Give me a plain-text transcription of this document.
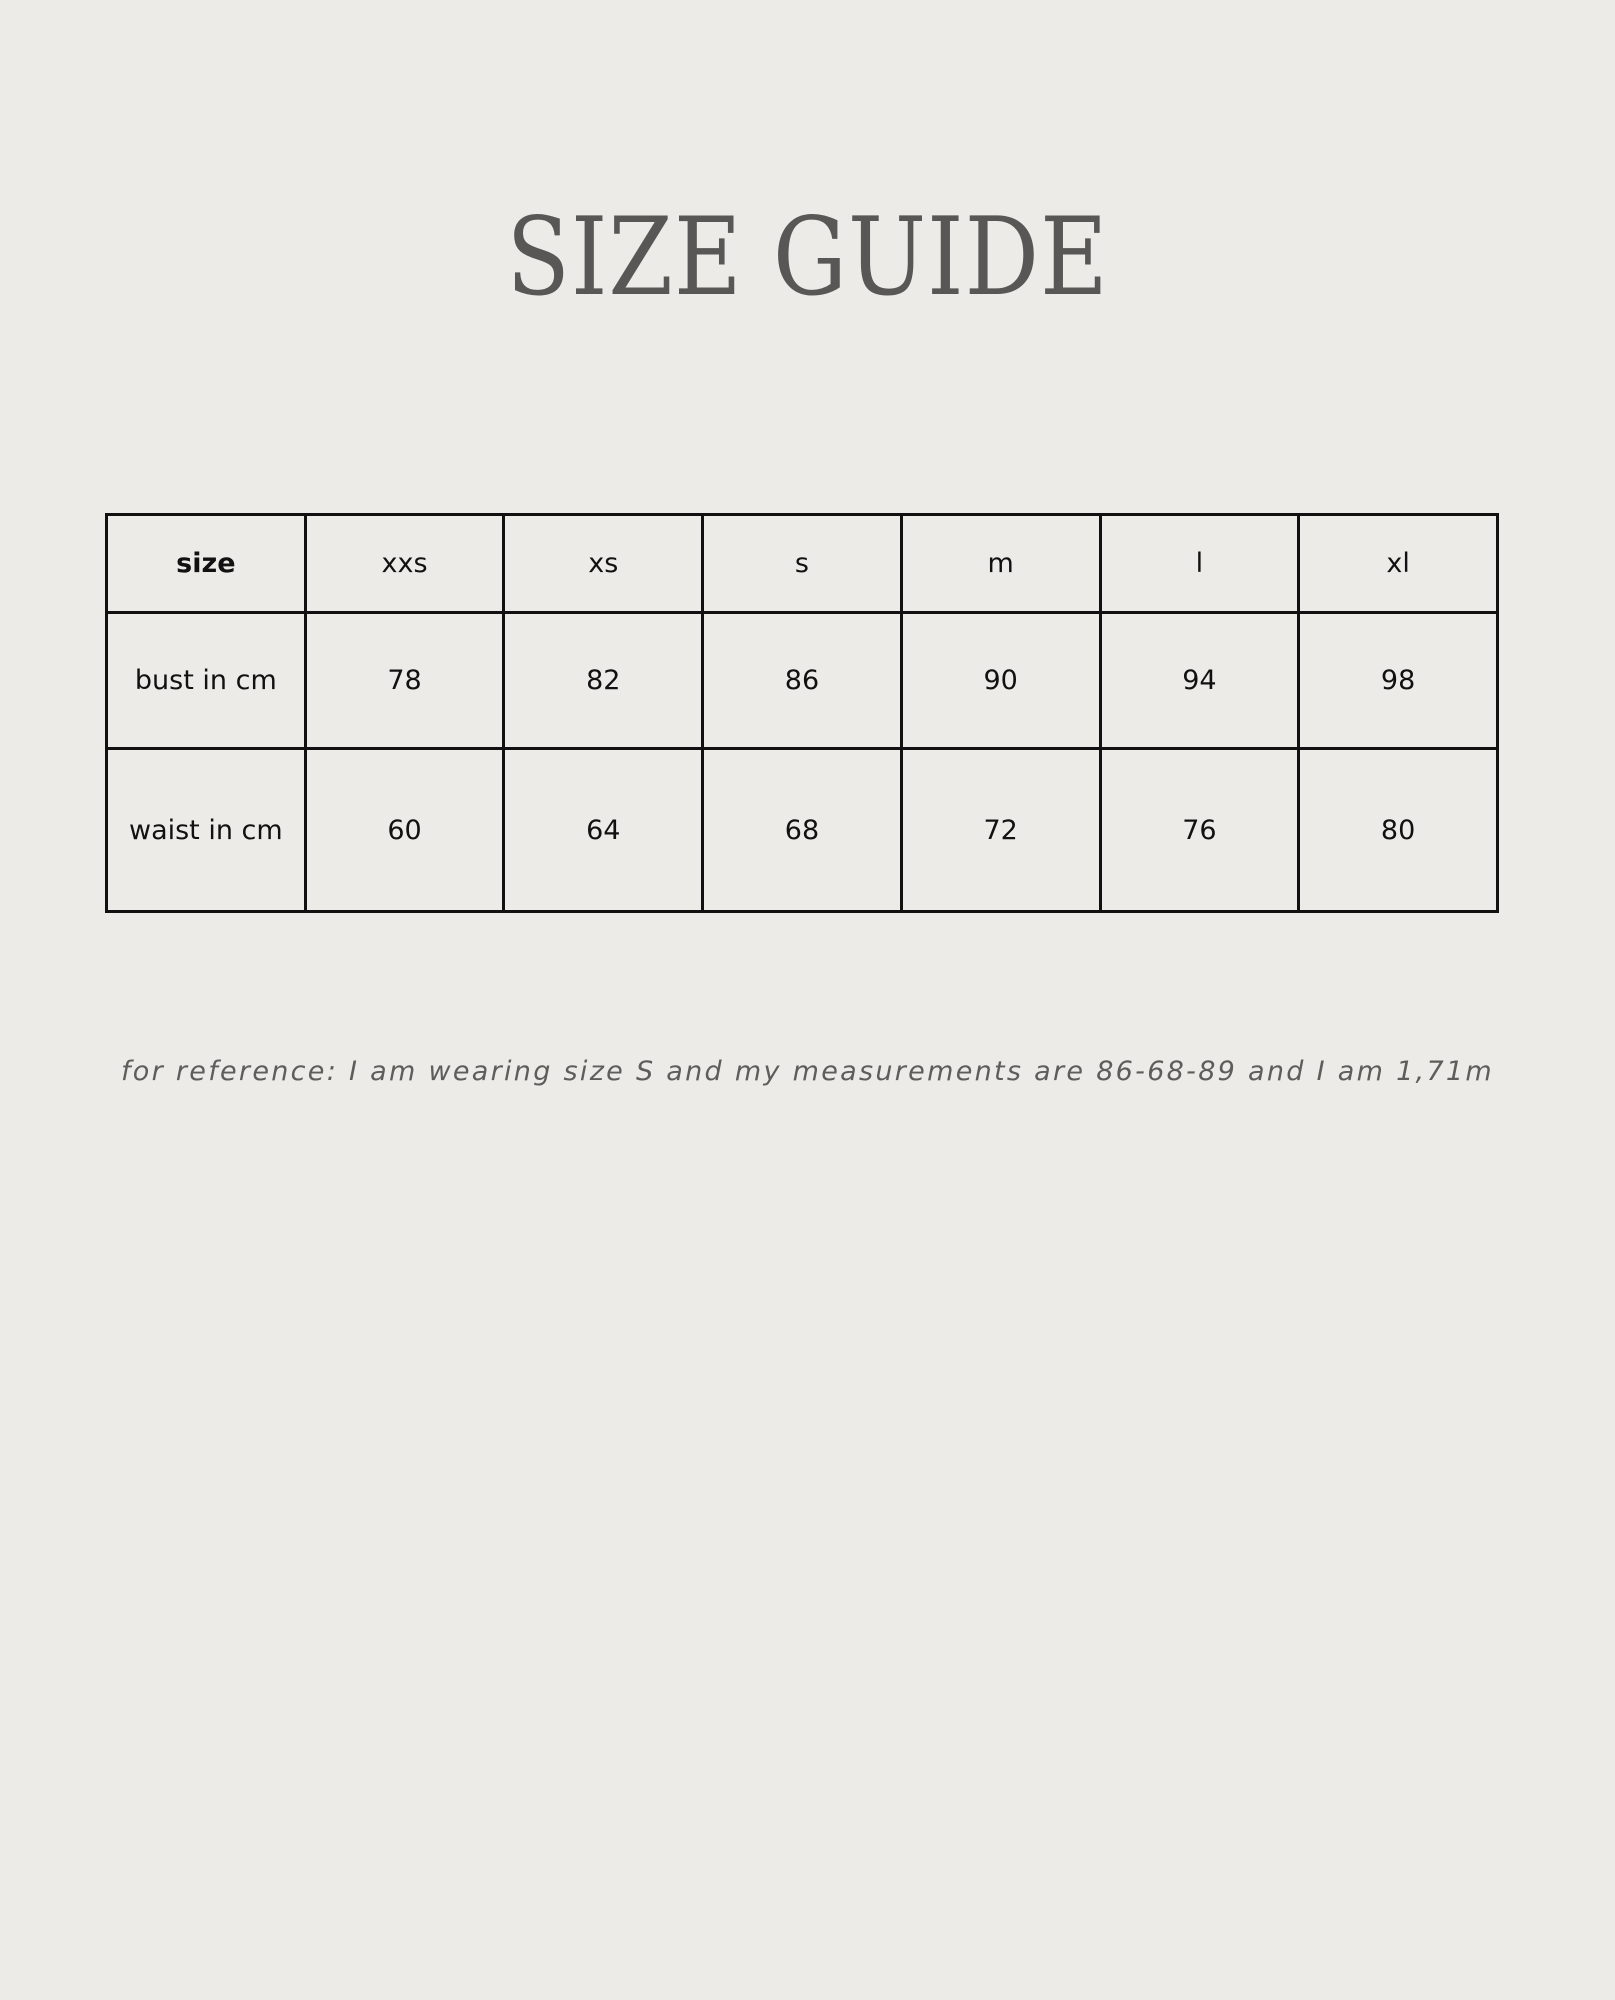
SIZE GUIDE
size	xxs	xs	s	m	l	xl
bust in cm	78	82	86	90	94	98
waist in cm	60	64	68	72	76	80
for reference: I am wearing size S and my measurements are 86-68-89 and I am 1,71m
